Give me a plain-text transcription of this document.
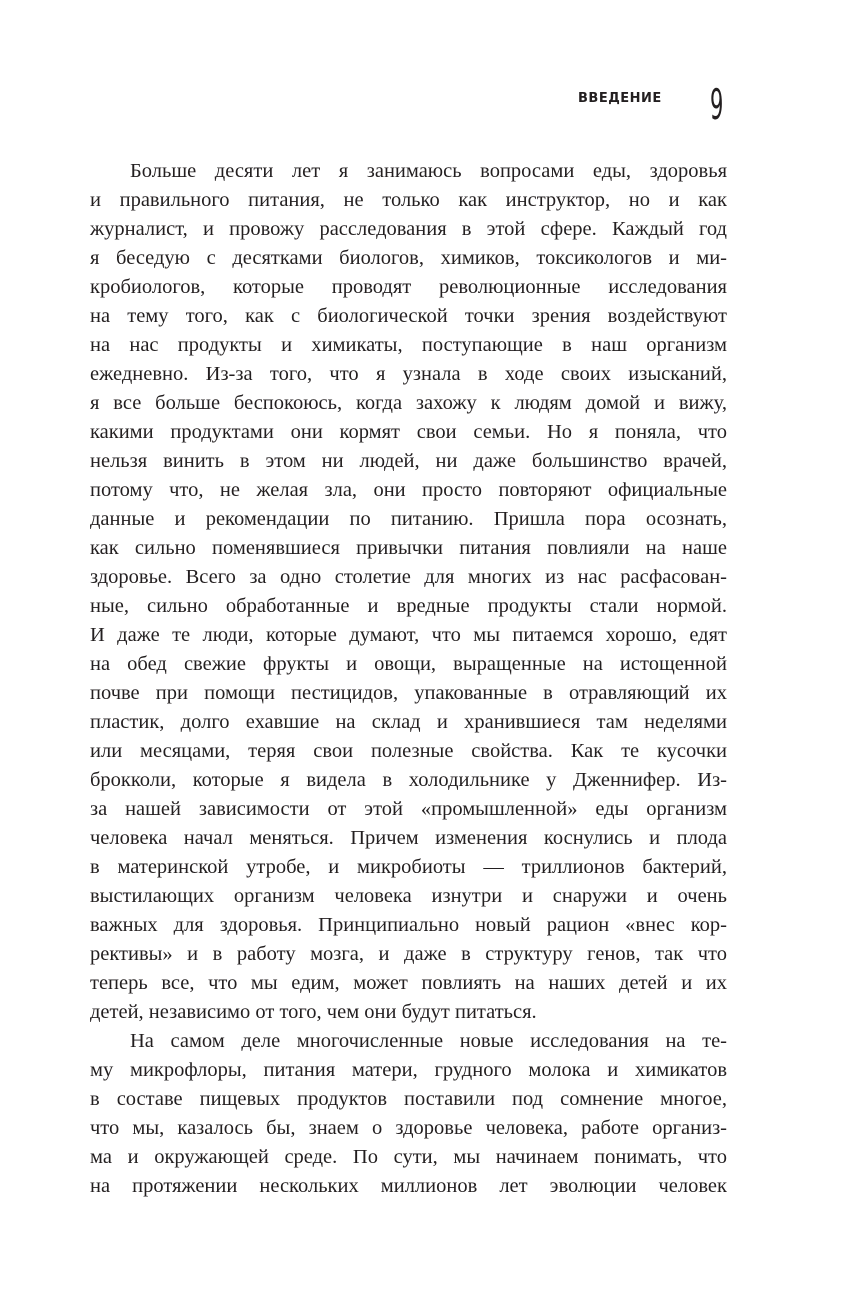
ВВЕДЕНИЕ 9
Больше десяти лет я занимаюсь вопросами еды, здоровья
и правильного питания, не только как инструктор, но и как
журналист, и провожу расследования в этой сфере. Каждый год
я беседую с десятками биологов, химиков, токсикологов и ми-
кробиологов, которые проводят революционные исследования
на тему того, как с биологической точки зрения воздействуют
на нас продукты и химикаты, поступающие в наш организм
ежедневно. Из-за того, что я узнала в ходе своих изысканий,
я все больше беспокоюсь, когда захожу к людям домой и вижу,
какими продуктами они кормят свои семьи. Но я поняла, что
нельзя винить в этом ни людей, ни даже большинство врачей,
потому что, не желая зла, они просто повторяют официальные
данные и рекомендации по питанию. Пришла пора осознать,
как сильно поменявшиеся привычки питания повлияли на наше
здоровье. Всего за одно столетие для многих из нас расфасован-
ные, сильно обработанные и вредные продукты стали нормой.
И даже те люди, которые думают, что мы питаемся хорошо, едят
на обед свежие фрукты и овощи, выращенные на истощенной
почве при помощи пестицидов, упакованные в отравляющий их
пластик, долго ехавшие на склад и хранившиеся там неделями
или месяцами, теряя свои полезные свойства. Как те кусочки
брокколи, которые я видела в холодильнике у Дженнифер. Из-
за нашей зависимости от этой «промышленной» еды организм
человека начал меняться. Причем изменения коснулись и плода
в материнской утробе, и микробиоты — триллионов бактерий,
выстилающих организм человека изнутри и снаружи и очень
важных для здоровья. Принципиально новый рацион «внес кор-
рективы» и в работу мозга, и даже в структуру генов, так что
теперь все, что мы едим, может повлиять на наших детей и их
детей, независимо от того, чем они будут питаться.
На самом деле многочисленные новые исследования на те-
му микрофлоры, питания матери, грудного молока и химикатов
в составе пищевых продуктов поставили под сомнение многое,
что мы, казалось бы, знаем о здоровье человека, работе организ-
ма и окружающей среде. По сути, мы начинаем понимать, что
на протяжении нескольких миллионов лет эволюции человек
